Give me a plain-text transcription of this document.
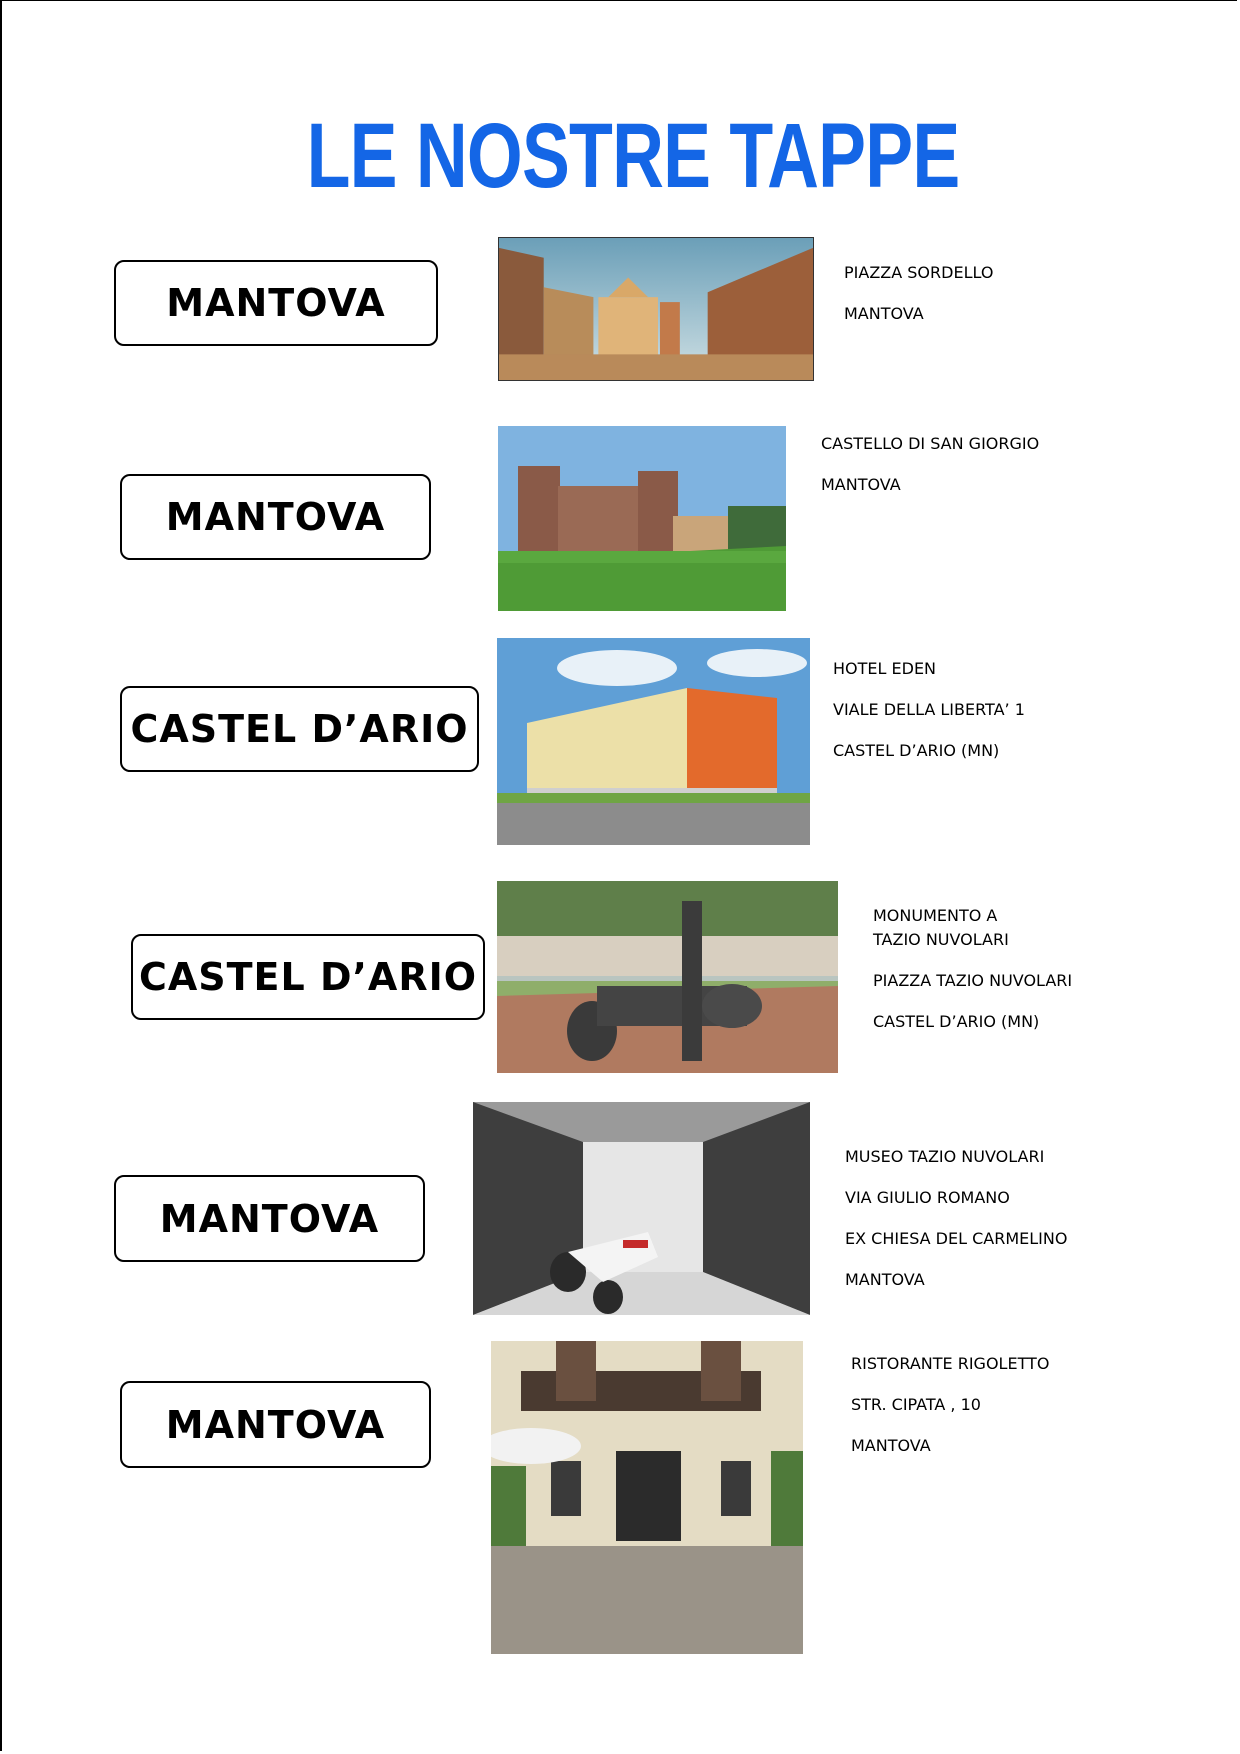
LE NOSTRE TAPPE
MANTOVA
PIAZZA SORDELLO
MANTOVA
MANTOVA
CASTELLO DI SAN GIORGIO
MANTOVA
CASTEL D’ARIO
HOTEL EDEN
VIALE DELLA LIBERTA’ 1
CASTEL D’ARIO (MN)
CASTEL D’ARIO
MONUMENTO A
TAZIO NUVOLARI
PIAZZA TAZIO NUVOLARI
CASTEL D’ARIO (MN)
MANTOVA
MUSEO TAZIO NUVOLARI
VIA GIULIO ROMANO
EX CHIESA DEL CARMELINO
MANTOVA
MANTOVA
RISTORANTE RIGOLETTO
STR. CIPATA , 10
MANTOVA
